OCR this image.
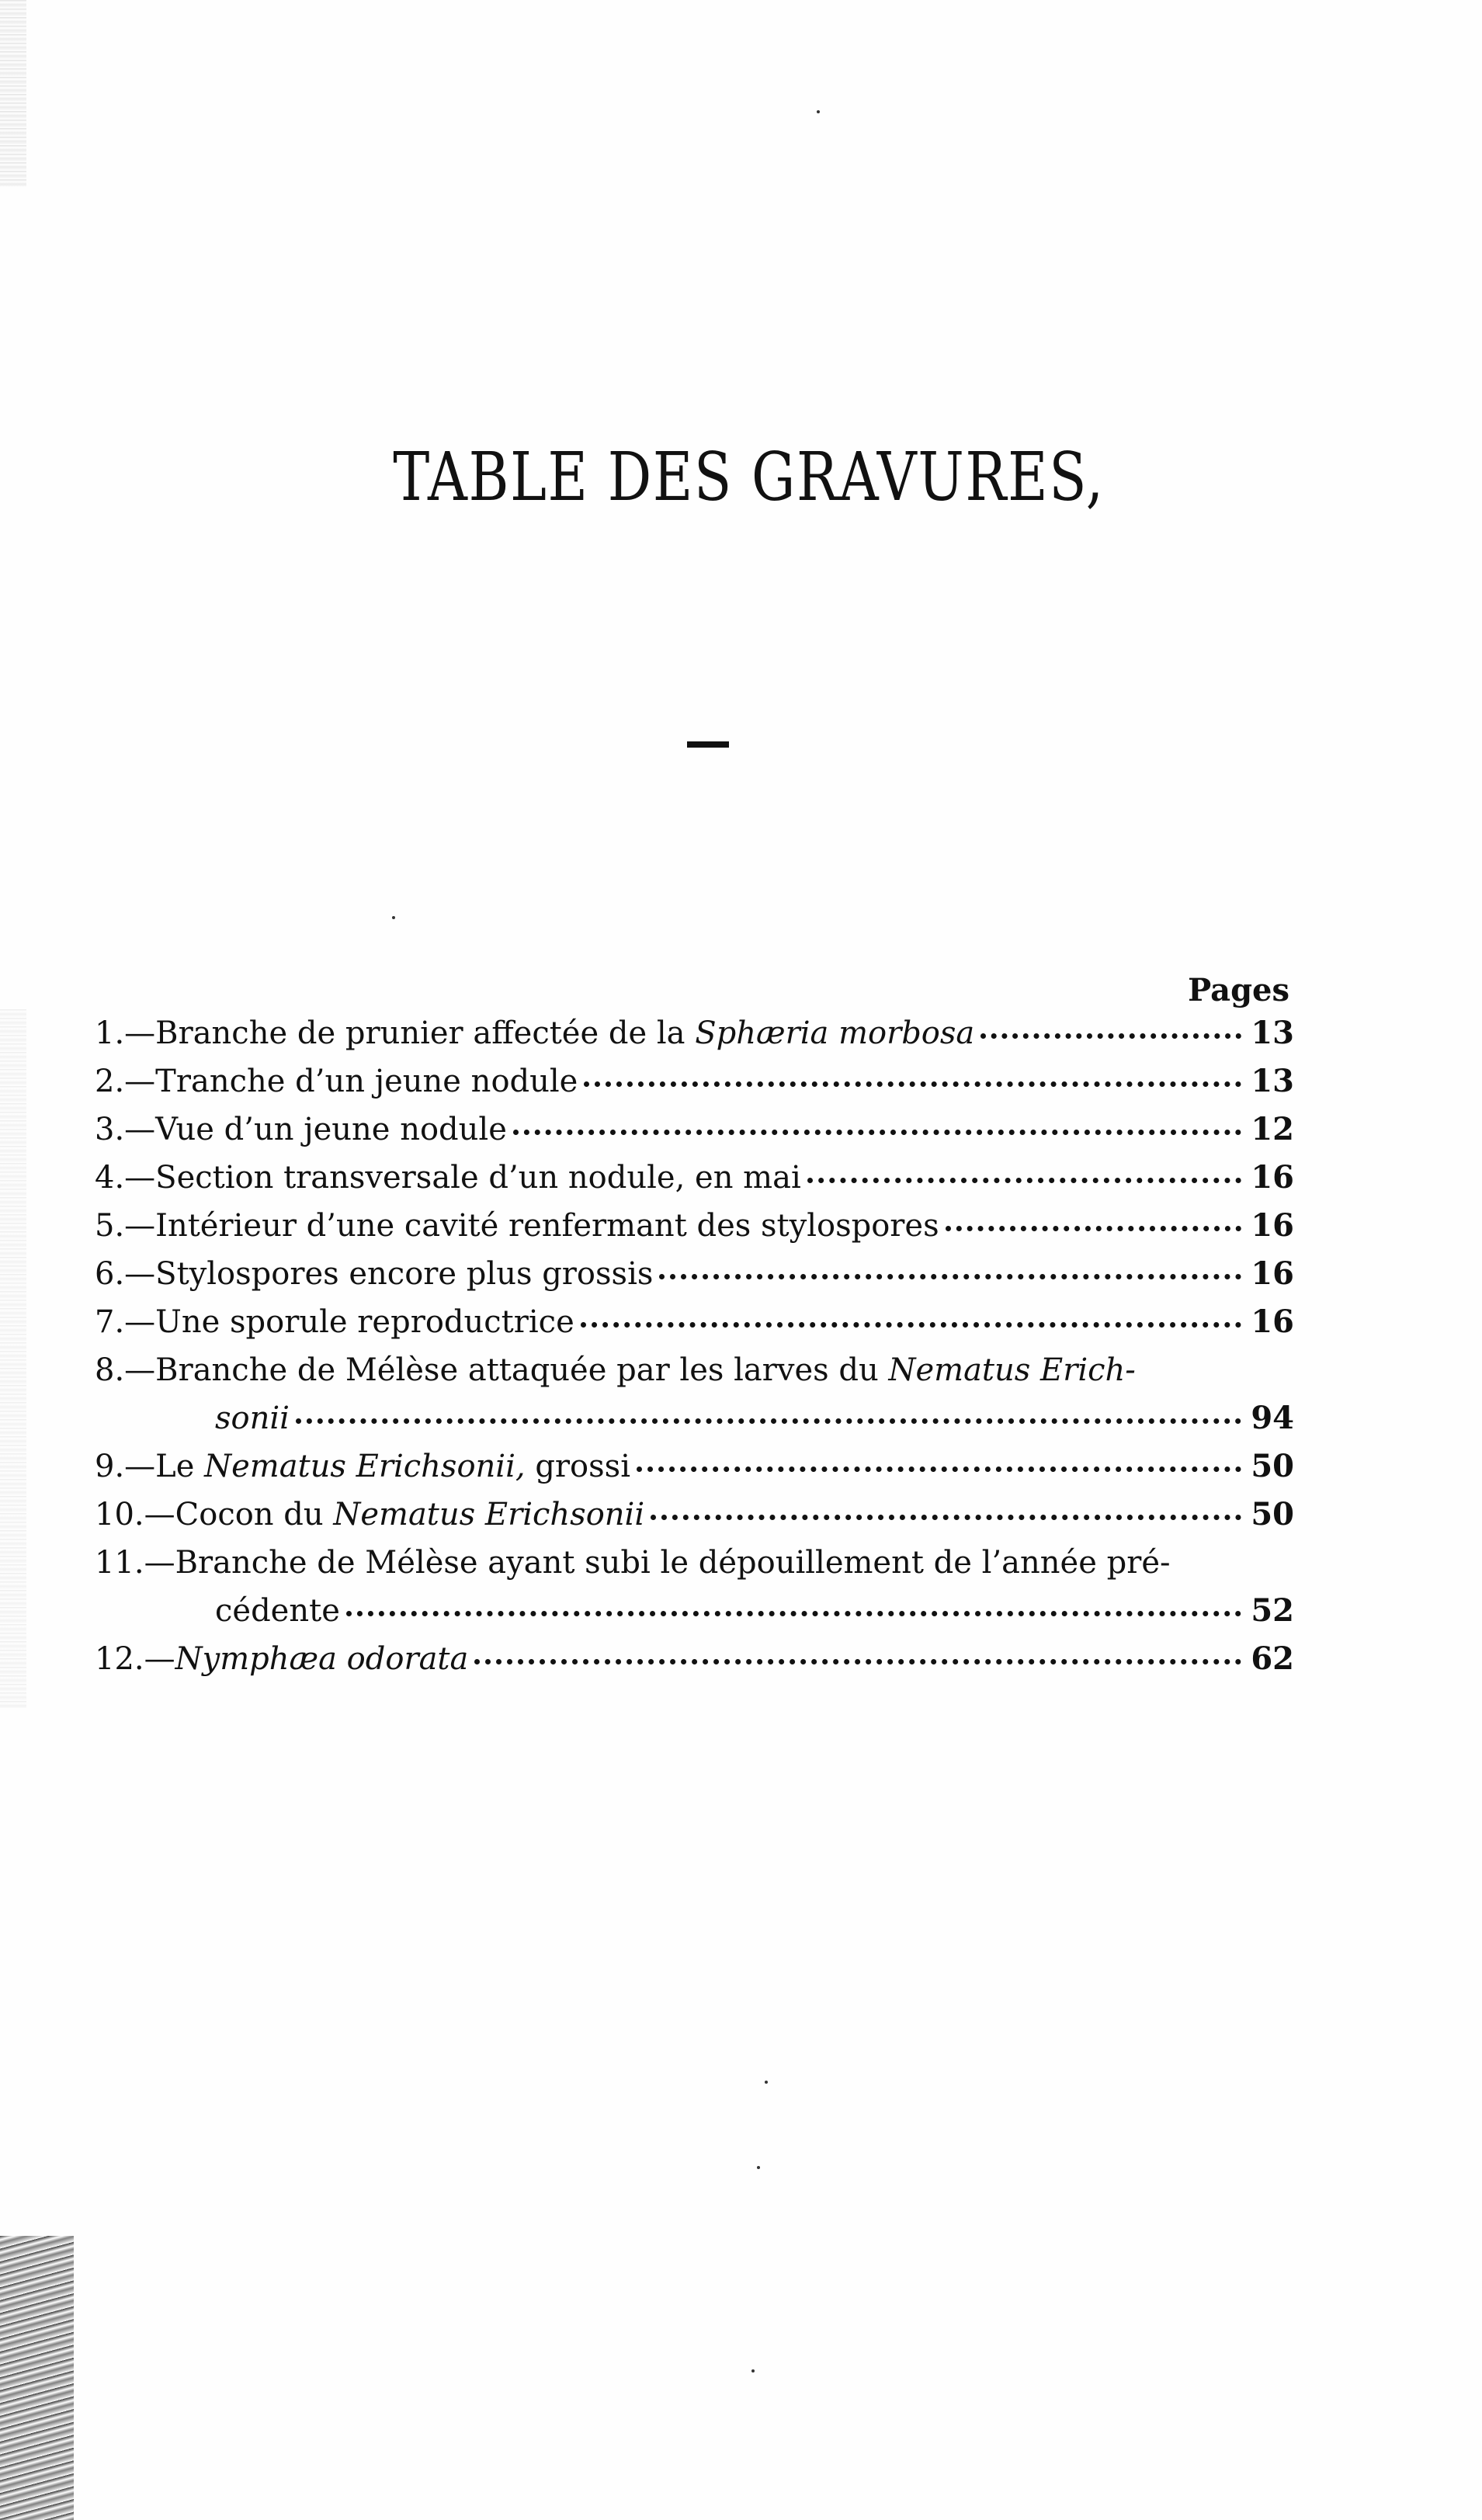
TABLE DES GRAVURES,
Pages
1. —Branche de prunier affectée de la Sphæria morbosa	13
2. —Tranche d’un jeune nodule	13
3. —Vue d’un jeune nodule	12
4. —Section transversale d’un nodule, en mai	16
5. —Intérieur d’une cavité renfermant des stylospores	16
6. —Stylospores encore plus grossis	16
7. —Une sporule reproductrice	16
8. —Branche de Mélèse attaquée par les larves du Nematus Erich-
sonii	94
9. —Le Nematus Erichsonii, grossi	50
10. —Cocon du Nematus Erichsonii	50
11. —Branche de Mélèse ayant subi le dépouillement de l’année pré-
cédente	52
12. —Nymphæa odorata	62
